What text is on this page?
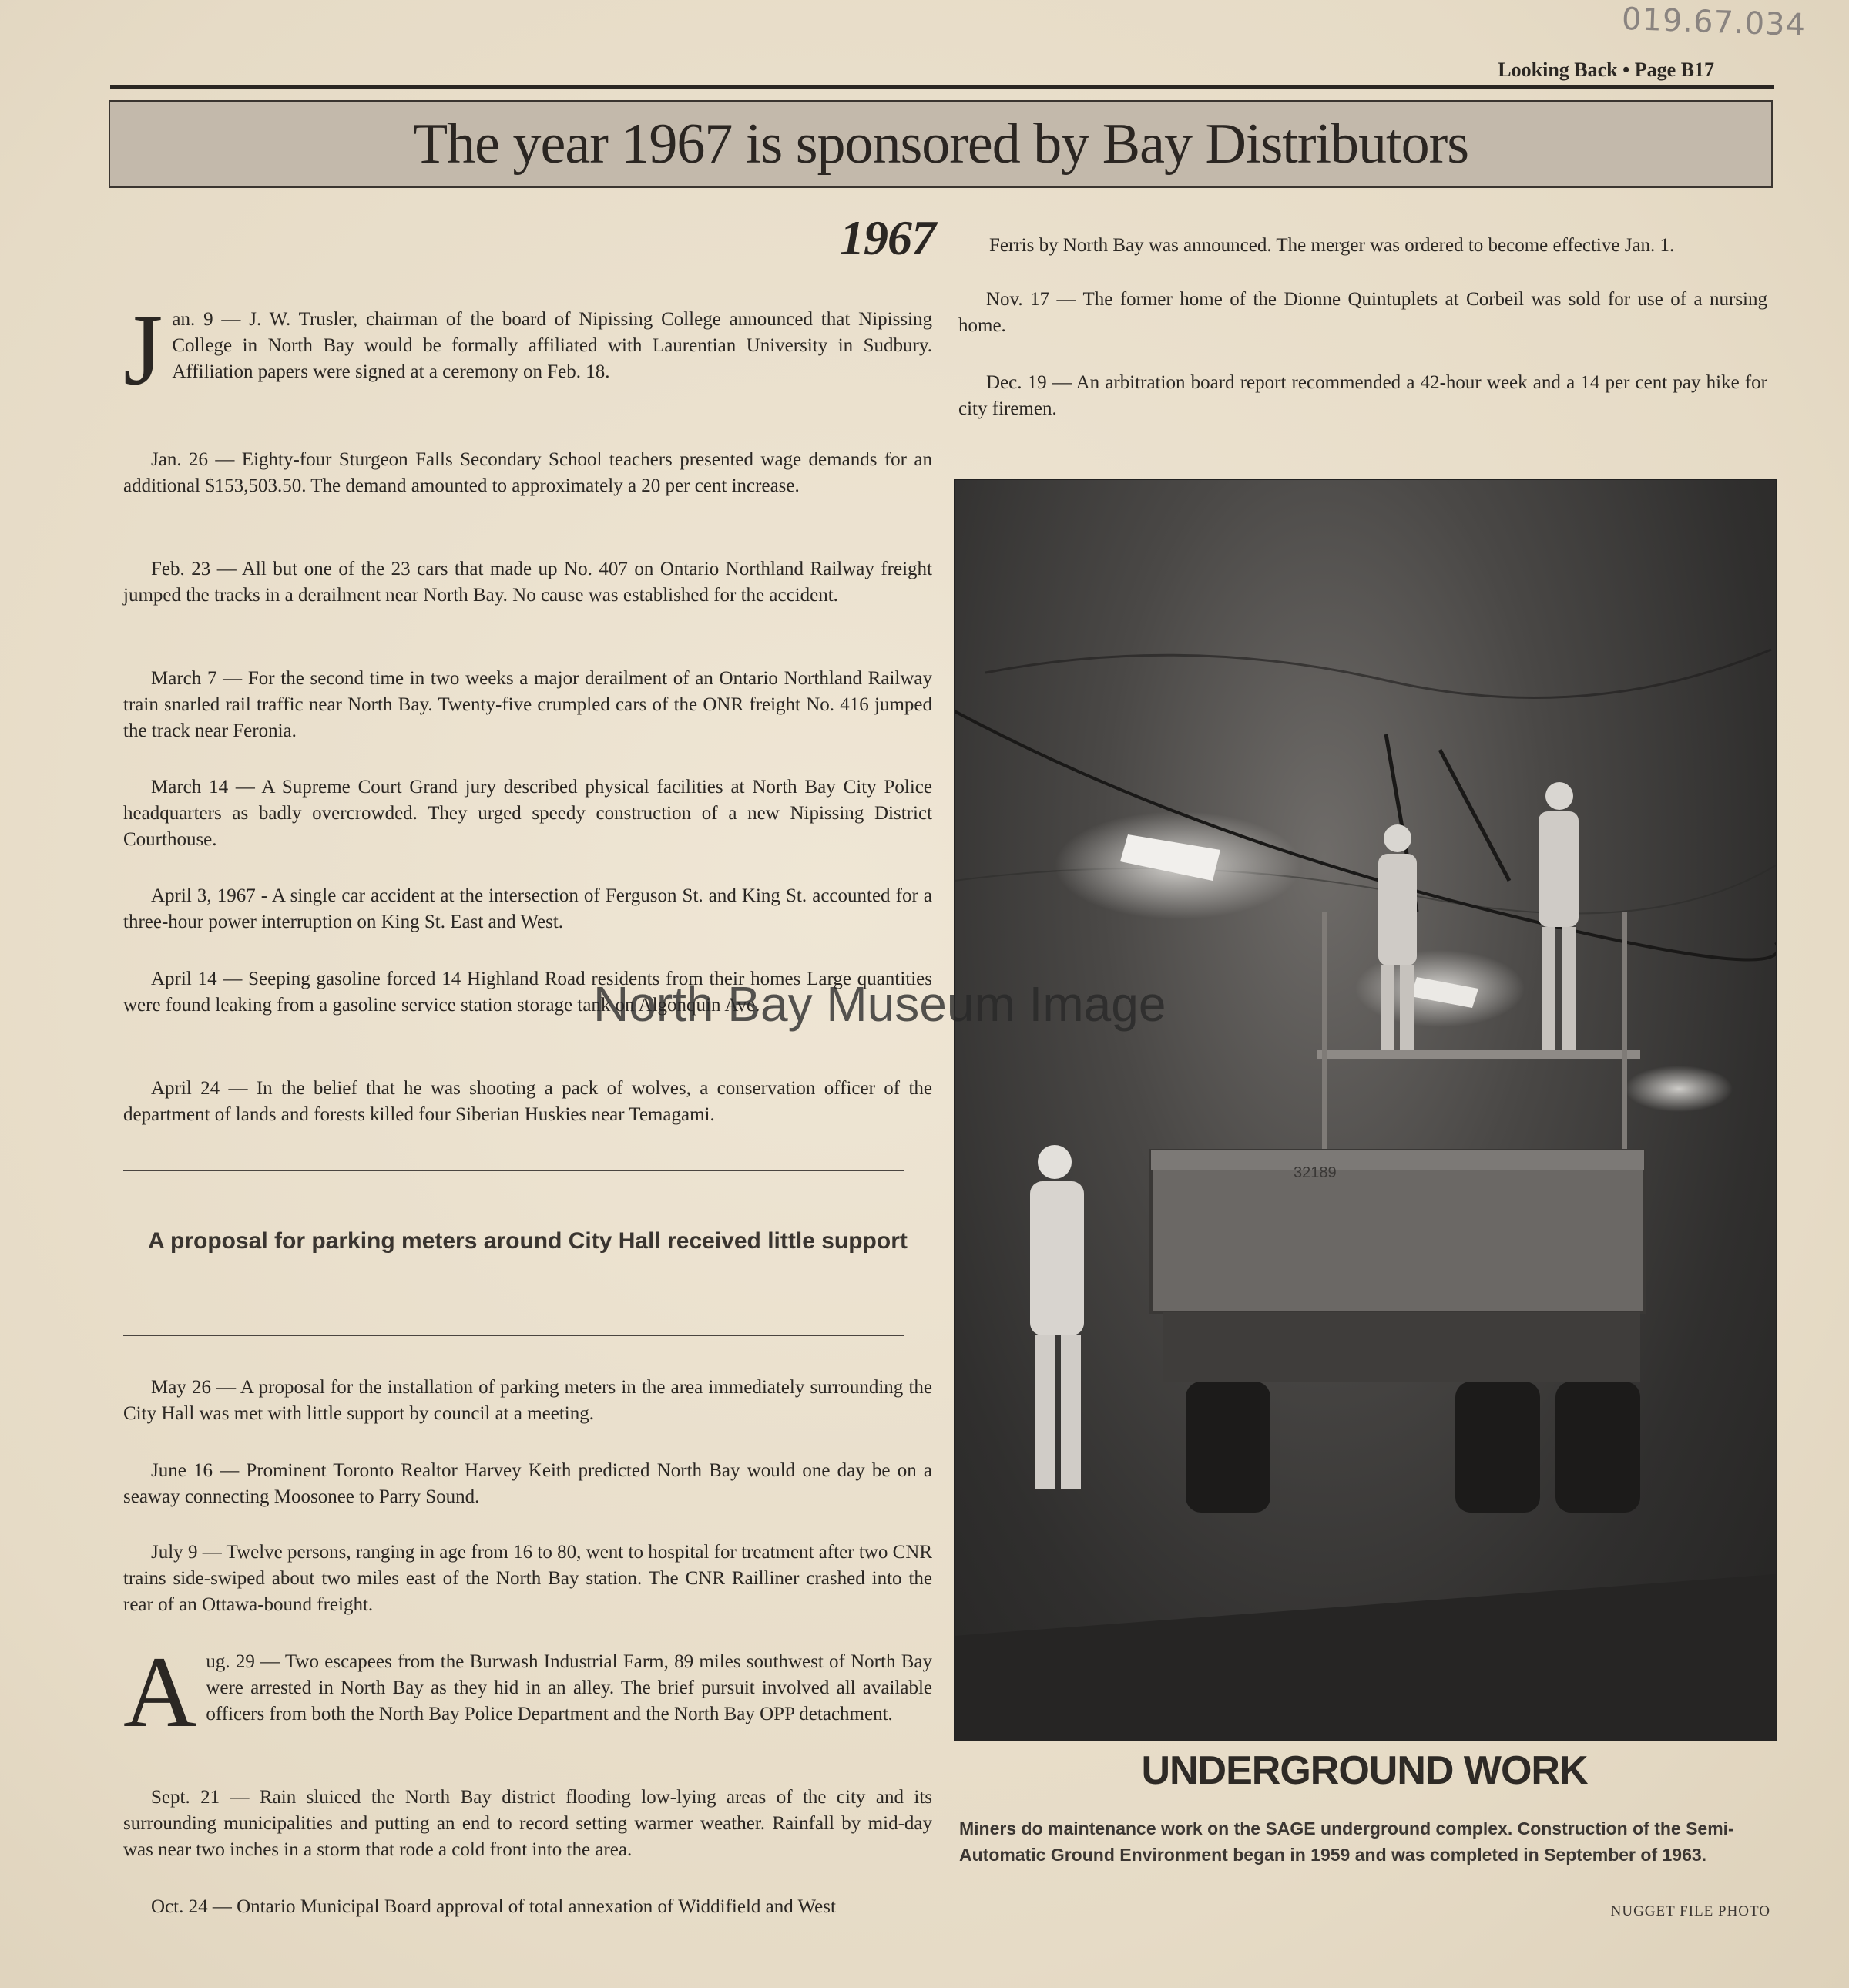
019.67.034
Looking Back • Page B17
The year 1967 is sponsored by Bay Distributors
1967
J an. 9 — J. W. Trusler, chairman of the board of Nipissing College announced that Nipissing College in North Bay would be formally affiliated with Laurentian University in Sudbury. Affiliation papers were signed at a ceremony on Feb. 18.

Jan. 26 — Eighty-four Sturgeon Falls Secondary School teachers presented wage demands for an additional $153,503.50. The demand amounted to approximately a 20 per cent increase.

Feb. 23 — All but one of the 23 cars that made up No. 407 on Ontario Northland Railway freight jumped the tracks in a derailment near North Bay. No cause was established for the accident.

March 7 — For the second time in two weeks a major derailment of an Ontario Northland Railway train snarled rail traffic near North Bay. Twenty-five crumpled cars of the ONR freight No. 416 jumped the track near Feronia.

March 14 — A Supreme Court Grand jury described physical facilities at North Bay City Police headquarters as badly overcrowded. They urged speedy construction of a new Nipissing District Courthouse.

April 3, 1967 - A single car accident at the intersection of Ferguson St. and King St. accounted for a three-hour power interruption on King St. East and West.

April 14 — Seeping gasoline forced 14 Highland Road residents from their homes Large quantities were found leaking from a gasoline service station storage tank on Algonquin Ave.

April 24 — In the belief that he was shooting a pack of wolves, a conservation officer of the department of lands and forests killed four Siberian Huskies near Temagami.

A proposal for parking meters around City Hall received little support

May 26 — A proposal for the installation of parking meters in the area immediately surrounding the City Hall was met with little support by council at a meeting.

June 16 — Prominent Toronto Realtor Harvey Keith predicted North Bay would one day be on a seaway connecting Moosonee to Parry Sound.

July 9 — Twelve persons, ranging in age from 16 to 80, went to hospital for treatment after two CNR trains side-swiped about two miles east of the North Bay station. The CNR Railliner crashed into the rear of an Ottawa-bound freight.

A ug. 29 — Two escapees from the Burwash Industrial Farm, 89 miles southwest of North Bay were arrested in North Bay as they hid in an alley. The brief pursuit involved all available officers from both the North Bay Police Department and the North Bay OPP detachment.

Sept. 21 — Rain sluiced the North Bay district flooding low-lying areas of the city and its surrounding municipalities and putting an end to record setting warmer weather. Rainfall by mid-day was near two inches in a storm that rode a cold front into the area.

Oct. 24 — Ontario Municipal Board approval of total annexation of Widdifield and West

Ferris by North Bay was announced. The merger was ordered to become effective Jan. 1.

Nov. 17 — The former home of the Dionne Quintuplets at Corbeil was sold for use of a nursing home.

Dec. 19 — An arbitration board report recommended a 42-hour week and a 14 per cent pay hike for city firemen.

32189
UNDERGROUND WORK
Miners do maintenance work on the SAGE underground complex. Construction of the Semi-Automatic Ground Environment began in 1959 and was completed in September of 1963.
NUGGET FILE PHOTO
North Bay Museum Image
